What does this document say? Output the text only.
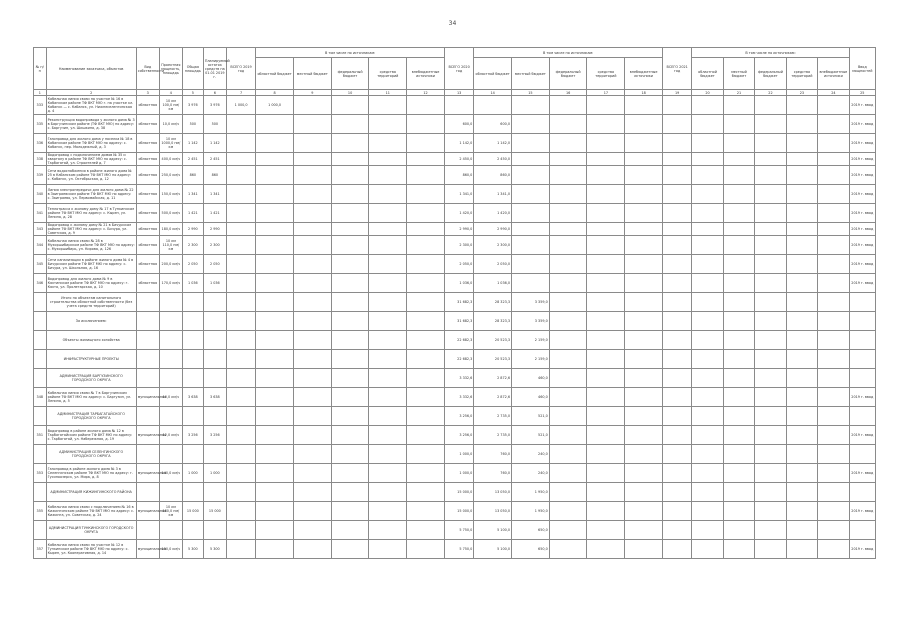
34
№ п/п	Наименование заказчика, объектов	Вид собственности	Проектная мощность, площадь	Общая площадь	Планируемый остаток средств на 01.01 2019 г.	ВСЕГО 2019 год	В том числе по источникам:					ВСЕГО 2020 год	В том числе по источникам:					ВСЕГО 2021 год	В том числе по источникам:					Ввод мощностей
							областной бюджет	местный бюджет	федеральный бюджет	средства территорий	внебюджетные источники		областной бюджет	местный бюджет	федеральный бюджет	средства территорий	внебюджетные источники		областной бюджет	местный бюджет	федеральный бюджет	средства территорий	внебюджетные источники	
1	2	3	4	5	6	7	8	9	10	11	12	13	14	15	16	17	18	19	20	21	22	23	24	25
333	Кабельная линия связи на участке № 16 в Кабанском районе ТФ ВКТ МЮ г. на участке кл. Кабанск — с. Кабанск, ул. Нижнеселенгинская д. 4	областная	10 км 100,0 пм/км	3 976	3 976	1 000,0	1 000,0																	2019 г. ввод
335	Реконструкция водопровода у жилого дома № 3 в Баргузинском районе (ТФ ВКТ МЮ) по адресу: с. Баргузин, ул. Шишкина, д. 38	областная	10,0 км/ч	500	500							600,0	600,0											2019 г. ввод
336	Газопровод для жилого дома у поселка № 18 в Кабанском районе ТФ ВКТ МЮ по адресу: с. Кабанск, пер. Молодежный, д. 3	областная	10 км 1000,0 пм/км	1 142	1 142							1 142,0	1 142,0											2019 г. ввод
338	Водопровод с подключением домов № 35 и кварталу в районе ТФ ВКТ МЮ по адресу: с. Тарбагатай, ул. Строителей д. 7	областная	400,0 км/ч	2 451	2 451							2 450,0	2 450,0											2019 г. ввод
339	Сети водоснабжения в районе жилого дома № 25 в Кабанском районе ТФ ВКТ МЮ по адресу: с. Кабанск, ул. Октябрьская, д. 12	областная	250,0 км/ч	860	860							860,0	860,0											2019 г. ввод
340	Линия электропередачи для жилого дома № 22 в Заиграевском районе ТФ ВКТ МЮ по адресу: с. Заиграево, ул. Первомайская, д. 11	областная	150,0 км/ч	1 341	1 341							1 341,0	1 341,0											2019 г. ввод
341	Теплотрасса к жилому дому № 17 в Тункинском районе ТФ ВКТ МЮ по адресу: с. Кырен, ул. Ленина, д. 28	областная	500,0 км/ч	1 421	1 421							1 420,0	1 420,0											2019 г. ввод
343	Водопровод к жилому дому № 21 в Бичурском районе ТФ ВКТ МЮ по адресу: с. Бичура, ул. Советская, д. 9	областная	180,0 км/ч	2 990	2 990							2 990,0	2 990,0											2019 г. ввод
344	Кабельная линия связи № 28 в Мухоршибирском районе ТФ ВКТ МЮ по адресу: с. Мухоршибирь, ул. Кирова, д. 126	областная	10 км 110,0 пм/км	2 300	2 300							2 300,0	2 300,0											2019 г. ввод
345	Сети канализации в районе жилого дома № 4 в Бичурском районе ТФ ВКТ МЮ по адресу: с. Бичура, ул. Школьная, д. 16	областная	200,0 км/ч	2 050	2 050							2 050,0	2 050,0											2019 г. ввод
346	Водопровод для жилого дома № 9 в Кяхтинском районе ТФ ВКТ МЮ по адресу: г. Кяхта, ул. Пролетарская, д. 10	областная	170,0 км/ч	1 036	1 036							1 036,0	1 036,0											2019 г. ввод
	Итого по объектам капитального строительства областной собственности (без учета средств территорий)											31 682,3	28 323,3	3 359,0										
	За исключением:											31 682,3	28 323,3	3 359,0										
	Объекты жилищного хозяйства											22 682,3	20 523,3	2 159,0										
	ИНФРАСТРУКТУРНЫЕ ПРОЕКТЫ											22 682,3	20 523,3	2 159,0										
	АДМИНИСТРАЦИЯ БАРГУЗИНСКОГО ГОРОДСКОГО ОКРУГА											3 332,6	2 872,6	460,0										
348	Кабельная линия связи № 7 в Баргузинском районе ТФ ВКТ МЮ по адресу: с. Баргузин, ул. Ленина, д. 5	муниципальная	10,0 км/ч	3 638	3 638							3 332,6	2 872,6	460,0										2019 г. ввод
	АДМИНИСТРАЦИЯ ТАРБАГАТАЙСКОГО ГОРОДСКОГО ОКРУГА											3 256,0	2 735,0	521,0										
351	Водопровод в районе жилого дома № 12 в Тарбагатайском районе ТФ ВКТ МЮ по адресу: с. Тарбагатай, ул. Набережная, д. 19	муниципальная	12,0 км/ч	3 256	3 256							3 256,0	2 735,0	521,0										2019 г. ввод
	АДМИНИСТРАЦИЯ СЕЛЕНГИНСКОГО ГОРОДСКОГО ОКРУГА											1 000,0	760,0	240,0										
353	Газопровод в районе жилого дома № 3 в Селенгинском районе ТФ ВКТ МЮ по адресу: г. Гусиноозерск, ул. Мира, д. 8	муниципальная	140,0 км/ч	1 000	1 000							1 000,0	760,0	240,0										2019 г. ввод
	АДМИНИСТРАЦИЯ КИЖИНГИНСКОГО РАЙОНА											15 000,0	13 050,0	1 950,0										
355	Кабельная линия связи с подключением № 16 в Кижингинском районе ТФ ВКТ МЮ по адресу: с. Кижинга, ул. Советская, д. 24	муниципальная	10 км 180,0 пм/км	15 000	15 000							15 000,0	13 050,0	1 950,0										2019 г. ввод
	АДМИНИСТРАЦИЯ ТУНКИНСКОГО ГОРОДСКОГО ОКРУГА											5 750,0	5 100,0	650,0										
357	Кабельная линия связи на участке № 12 в Тункинском районе ТФ ВКТ МЮ по адресу: с. Кырен, ул. Кооперативная, д. 14	муниципальная	150,0 км/ч	5 300	5 300							5 750,0	5 100,0	650,0										2019 г. ввод
